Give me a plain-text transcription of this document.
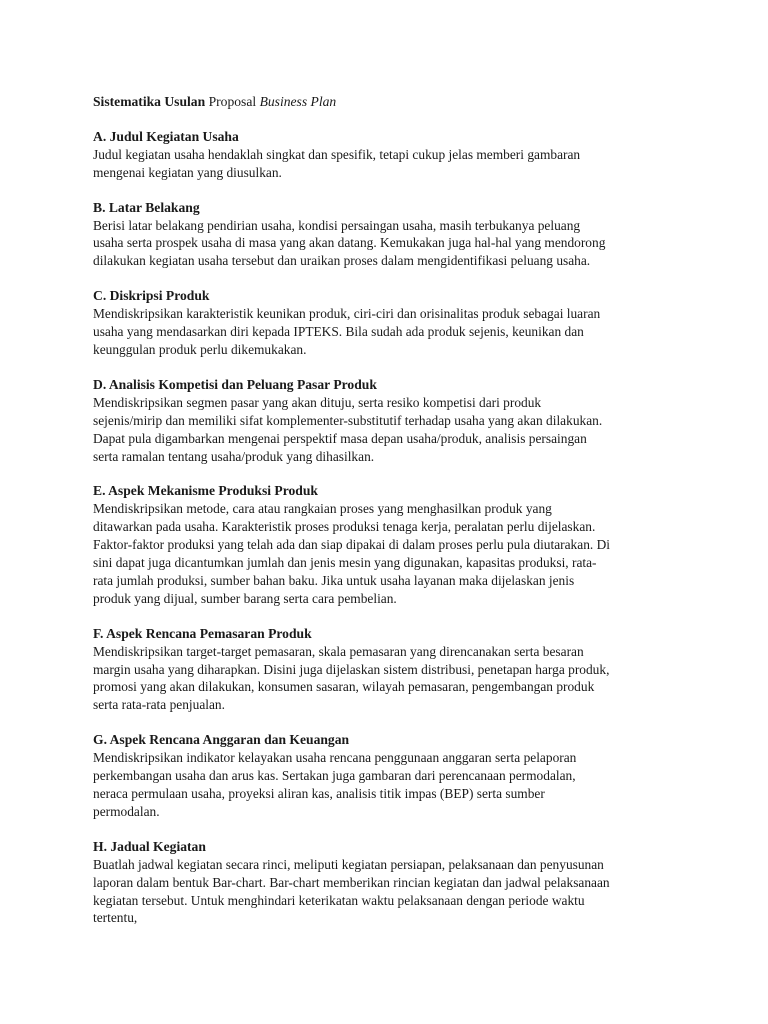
Sistematika Usulan Proposal Business Plan

A. Judul Kegiatan Usaha

Judul kegiatan usaha hendaklah singkat dan spesifik, tetapi cukup jelas memberi gambaran mengenai kegiatan yang diusulkan.

B. Latar Belakang

Berisi latar belakang pendirian usaha, kondisi persaingan usaha, masih terbukanya peluang usaha serta prospek usaha di masa yang akan datang. Kemukakan juga hal-hal yang mendorong dilakukan kegiatan usaha tersebut dan uraikan proses dalam mengidentifikasi peluang usaha.

C. Diskripsi Produk

Mendiskripsikan karakteristik keunikan produk, ciri-ciri dan orisinalitas produk sebagai luaran usaha yang mendasarkan diri kepada IPTEKS. Bila sudah ada produk sejenis, keunikan dan keunggulan produk perlu dikemukakan.

D. Analisis Kompetisi dan Peluang Pasar Produk

Mendiskripsikan segmen pasar yang akan dituju, serta resiko kompetisi dari produk sejenis/mirip dan memiliki sifat komplementer-substitutif terhadap usaha yang akan dilakukan. Dapat pula digambarkan mengenai perspektif masa depan usaha/produk, analisis persaingan serta ramalan tentang usaha/produk yang dihasilkan.

E. Aspek Mekanisme Produksi Produk

Mendiskripsikan metode, cara atau rangkaian proses yang menghasilkan produk yang ditawarkan pada usaha. Karakteristik proses produksi tenaga kerja, peralatan perlu dijelaskan. Faktor-faktor produksi yang telah ada dan siap dipakai di dalam proses perlu pula diutarakan. Di sini dapat juga dicantumkan jumlah dan jenis mesin yang digunakan, kapasitas produksi, rata-rata jumlah produksi, sumber bahan baku. Jika untuk usaha layanan maka dijelaskan jenis produk yang dijual, sumber barang serta cara pembelian.

F. Aspek Rencana Pemasaran Produk

Mendiskripsikan target-target pemasaran, skala pemasaran yang direncanakan serta besaran margin usaha yang diharapkan. Disini juga dijelaskan sistem distribusi, penetapan harga produk, promosi yang akan dilakukan, konsumen sasaran, wilayah pemasaran, pengembangan produk serta rata-rata penjualan.

G. Aspek Rencana Anggaran dan Keuangan

Mendiskripsikan indikator kelayakan usaha rencana penggunaan anggaran serta pelaporan perkembangan usaha dan arus kas. Sertakan juga gambaran dari perencanaan permodalan, neraca permulaan usaha, proyeksi aliran kas, analisis titik impas (BEP) serta sumber permodalan.

H. Jadual Kegiatan

Buatlah jadwal kegiatan secara rinci, meliputi kegiatan persiapan, pelaksanaan dan penyusunan laporan dalam bentuk Bar-chart. Bar-chart memberikan rincian kegiatan dan jadwal pelaksanaan kegiatan tersebut. Untuk menghindari keterikatan waktu pelaksanaan dengan periode waktu tertentu,
